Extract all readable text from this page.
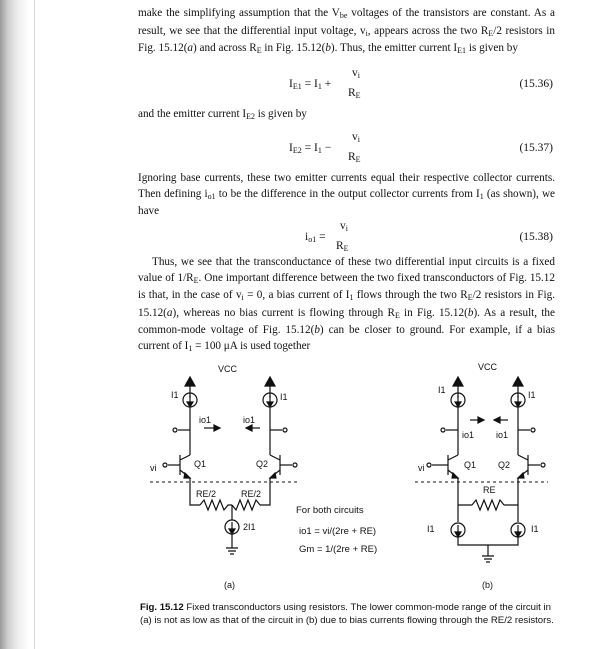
make the simplifying assumption that the $V_{be}$ voltages of the transistors are constant. As a result, we see that the differential input voltage, $v_i$, appears across the two $R_E/2$ resistors in Fig. 15.12(a) and across $R_E$ in Fig. 15.12(b). Thus, the emitter current $I_{E1}$ is given by

$I_{E1} = I_1$ +
$v_i$
$R_E$
(15.36)

and the emitter current $I_{E2}$ is given by

$I_{E2} = I_1$ −
$v_i$
$R_E$
(15.37)

Ignoring base currents, these two emitter currents equal their respective collector currents. Then defining $i_{o1}$ to be the difference in the output collector currents from $I_1$ (as shown), we have

$i_{o1}$ =
$v_i$
$R_E$
(15.38)

Thus, we see that the transconductance of these two differential input circuits is a fixed value of $1/R_E$. One important difference between the two fixed transconductors of Fig. 15.12 is that, in the case of $v_i = 0$, a bias current of $I_1$ flows through the two $R_E/2$ resistors in Fig. 15.12(a), whereas no bias current is flowing through $R_E$ in Fig. 15.12(b). As a result, the common-mode voltage of Fig. 15.12(b) can be closer to ground. For example, if a bias current of $I_1 = 100$ μA is used together

VCC
I1	I1
io1	io1
Q1	Q2
vi
RE/2	RE/2
2I1
(a)
For both circuits
io1 = vi/(2re + RE)
Gm = 1/(2re + RE)
VCC
I1	I1
io1 io1
Q1 Q2
vi
RE
I1	I1
(b)

Fig. 15.12 Fixed transconductors using resistors. The lower common-mode range of the circuit in (a) is not as low as that of the circuit in (b) due to bias currents flowing through the RE/2 resistors.
